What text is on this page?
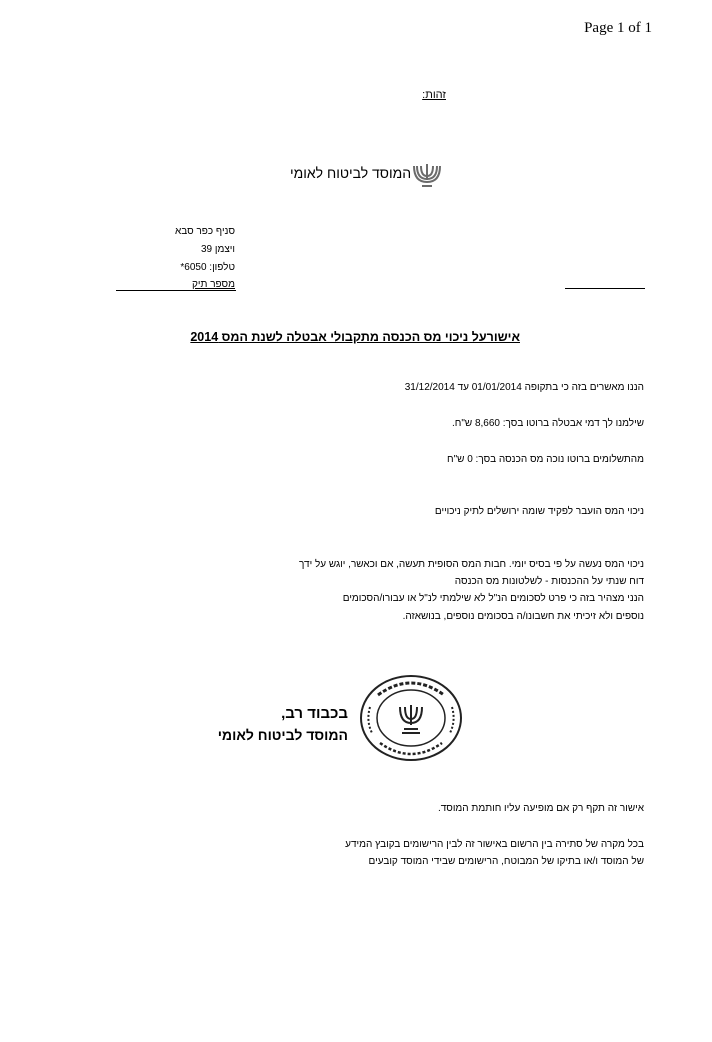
Page 1 of 1
זהות:
המוסד לביטוח לאומי
סניף כפר סבא
ויצמן 39
טלפון: 6050*
מספר תיק
אישורעל ניכוי מס הכנסה מתקבולי אבטלה לשנת המס 2014
הננו מאשרים בזה כי בתקופה 01/01/2014 עד 31/12/2014
שילמנו לך דמי אבטלה ברוטו בסך: 8,660 ש"ח.
מהתשלומים ברוטו נוכה מס הכנסה בסך: 0 ש"ח
ניכוי המס הועבר לפקיד שומה ירושלים לתיק ניכויים
ניכוי המס נעשה על פי בסיס יומי. חבות המס הסופית תעשה, אם וכאשר, יוגש על ידך
דוח שנתי על ההכנסות - לשלטונות מס הכנסה
הנני מצהיר בזה כי פרט לסכומים הנ"ל לא שילמתי לנ"ל או עבורו/הסכומים
נוספים ולא זיכיתי את חשבונו/ה בסכומים נוספים, בנושאזה.
בכבוד רב,
המוסד לביטוח לאומי
אישור זה תקף רק אם מופיעה עליו חותמת המוסד.
בכל מקרה של סתירה בין הרשום באישור זה לבין הרישומים בקובץ המידע
של המוסד ו/או בתיקו של המבוטח, הרישומים שבידי המוסד קובעים
